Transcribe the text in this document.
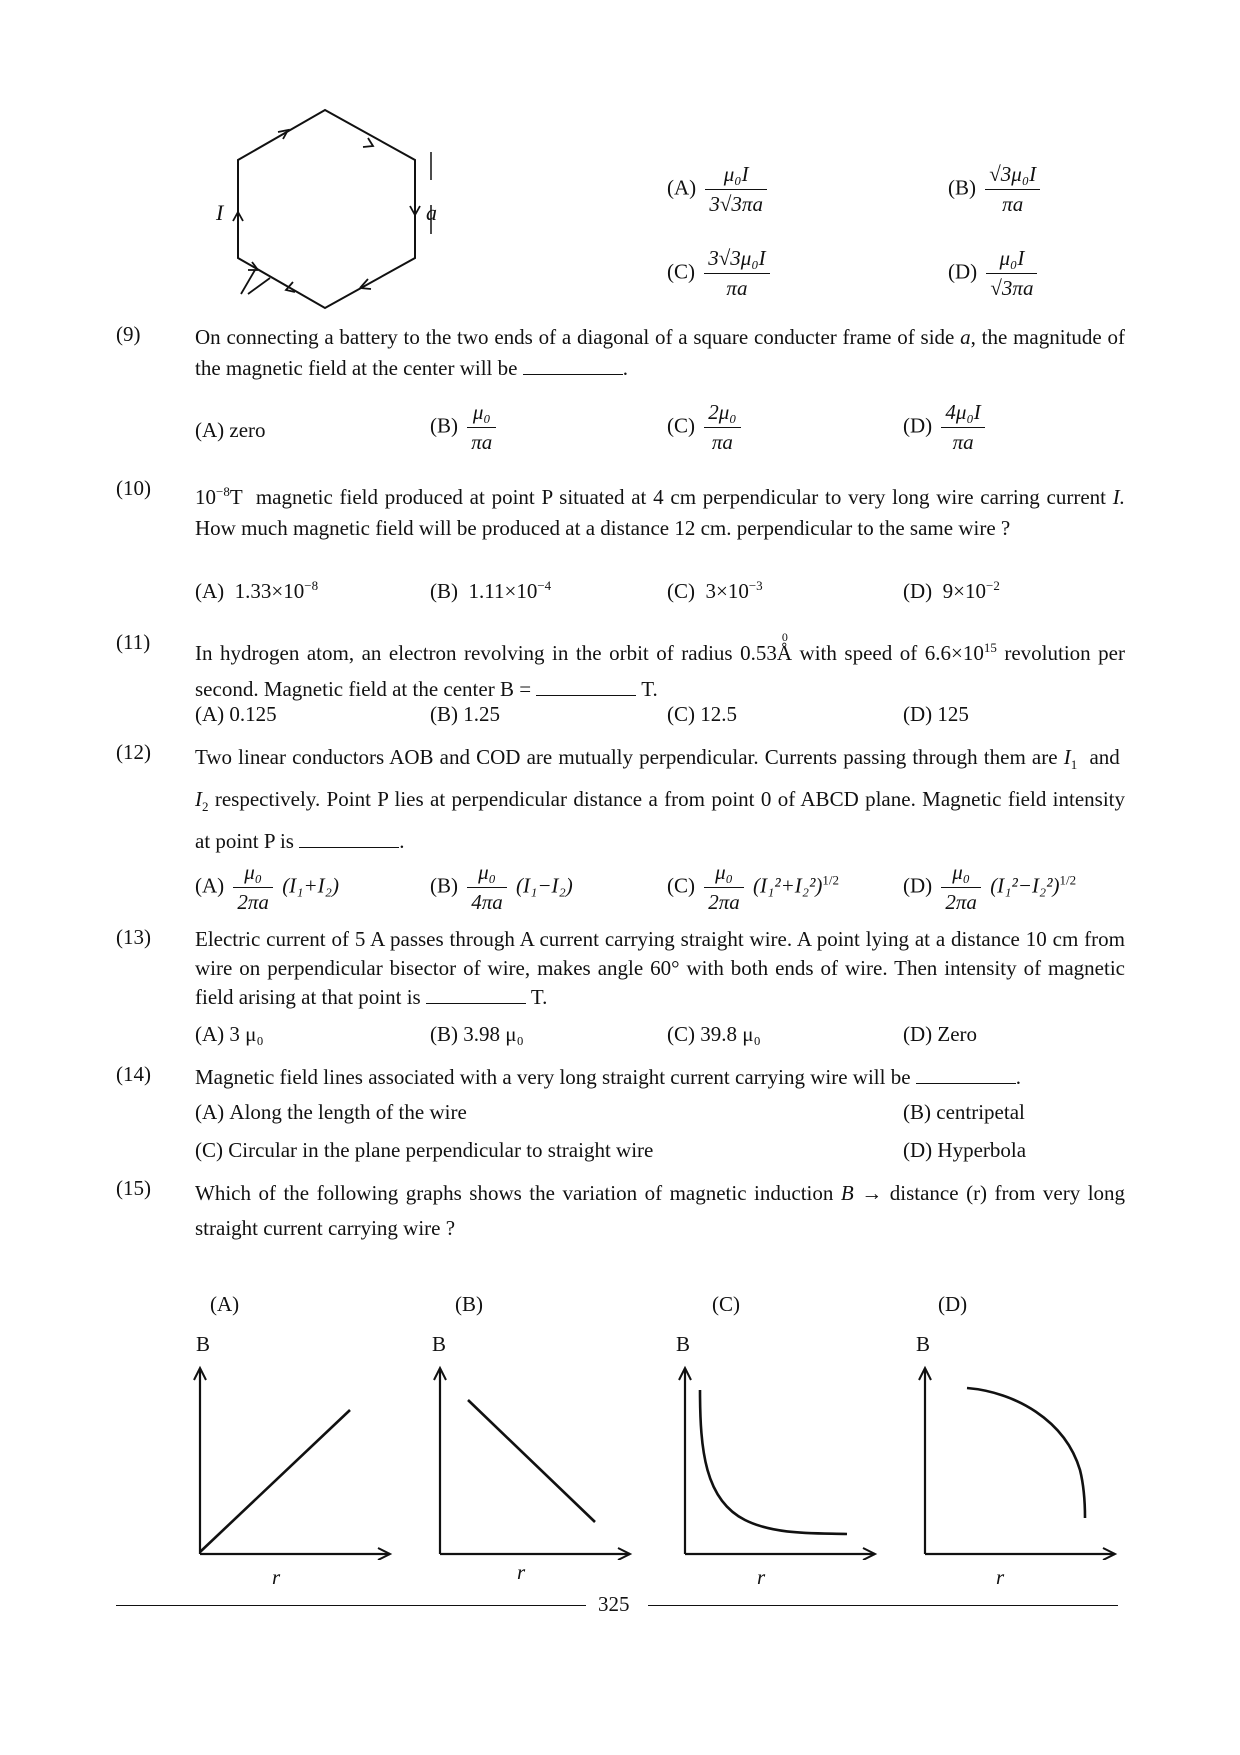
I	a
$(A) \frac{\text{μ₀I}}{3√3\pi a}$	$(B) \frac{\text{√3μ₀I}}{\pi a}$
$(C) \frac{\text{3√3μ₀I}}{\pi a}$	$(D) \frac{\text{μ₀I}}{√3\pi a}$
(9)	On connecting a battery to the two ends of a diagonal of a square conducter frame of side a, the magnitude of the magnetic field at the center will be	.
(A) zero	$(B) \frac{\text{μ₀}}{\pi a}$	$(C) \frac{\text{2μ₀}}{\pi a}$	$(D) \frac{\text{4μ₀I}}{\pi a}$
(10) $10^{-8}T$ magnetic field produced at point P situated at 4 cm perpendicular to very long wire carring current I. How much magnetic field will be produced at a distance 12 cm. perpendicular to the same wire ?
(A) $1.33\times 10^{-8}$	(B) $1.11\times 10^{-4}$	(C) $3\times 10^{-3}$	(D) $9\times 10^{-2}$
(11) In hydrogen atom, an electron revolving in the orbit of radius 0.53Å
0
with speed of $6.6\times 10^{15}$ revolution per second. Magnetic field at the center B =	T.
(A) 0.125	(B) 1.25	(C) 12.5	(D) 125
(12) Two linear conductors AOB and COD are mutually perpendicular. Currents passing through them are $I_1$ and  $I_2$ respectively. Point P lies at perpendicular distance a from point 0 of ABCD plane. Magnetic field intensity at point P is	.
$(A) \frac{\text{μ₀}}{2\pi a} (I_1+I_2)$	$(B) \frac{\text{μ₀}}{4\pi a} (I_1-I_2)$	$(C) \frac{\text{μ₀}}{2\pi a} (I_1^2+I_2^2)^{1/2}$	$(D) \frac{\text{μ₀}}{2\pi a} (I_1^2-I_2^2)^{1/2}$
(13) Electric current of 5 A passes through A current carrying straight wire. A point lying at a distance 10 cm from wire on perpendicular bisector of wire, makes angle 60° with both ends of wire. Then intensity of magnetic field arising at that point is	T.
(A) 3 μ₀	(B) 3.98 μ₀	(C) 39.8 μ₀	(D) Zero
(14) Magnetic field lines associated with a very long straight current carrying wire will be	.
(A) Along the length of the wire	(B) centripetal
(C) Circular in the plane perpendicular to straight wire	(D) Hyperbola
(15) Which of the following graphs shows the variation of magnetic induction B → distance (r) from very long straight current carrying wire ?
(A)
B
r
(B)
B
r
(C)
B
r
(D)
B
r
325
